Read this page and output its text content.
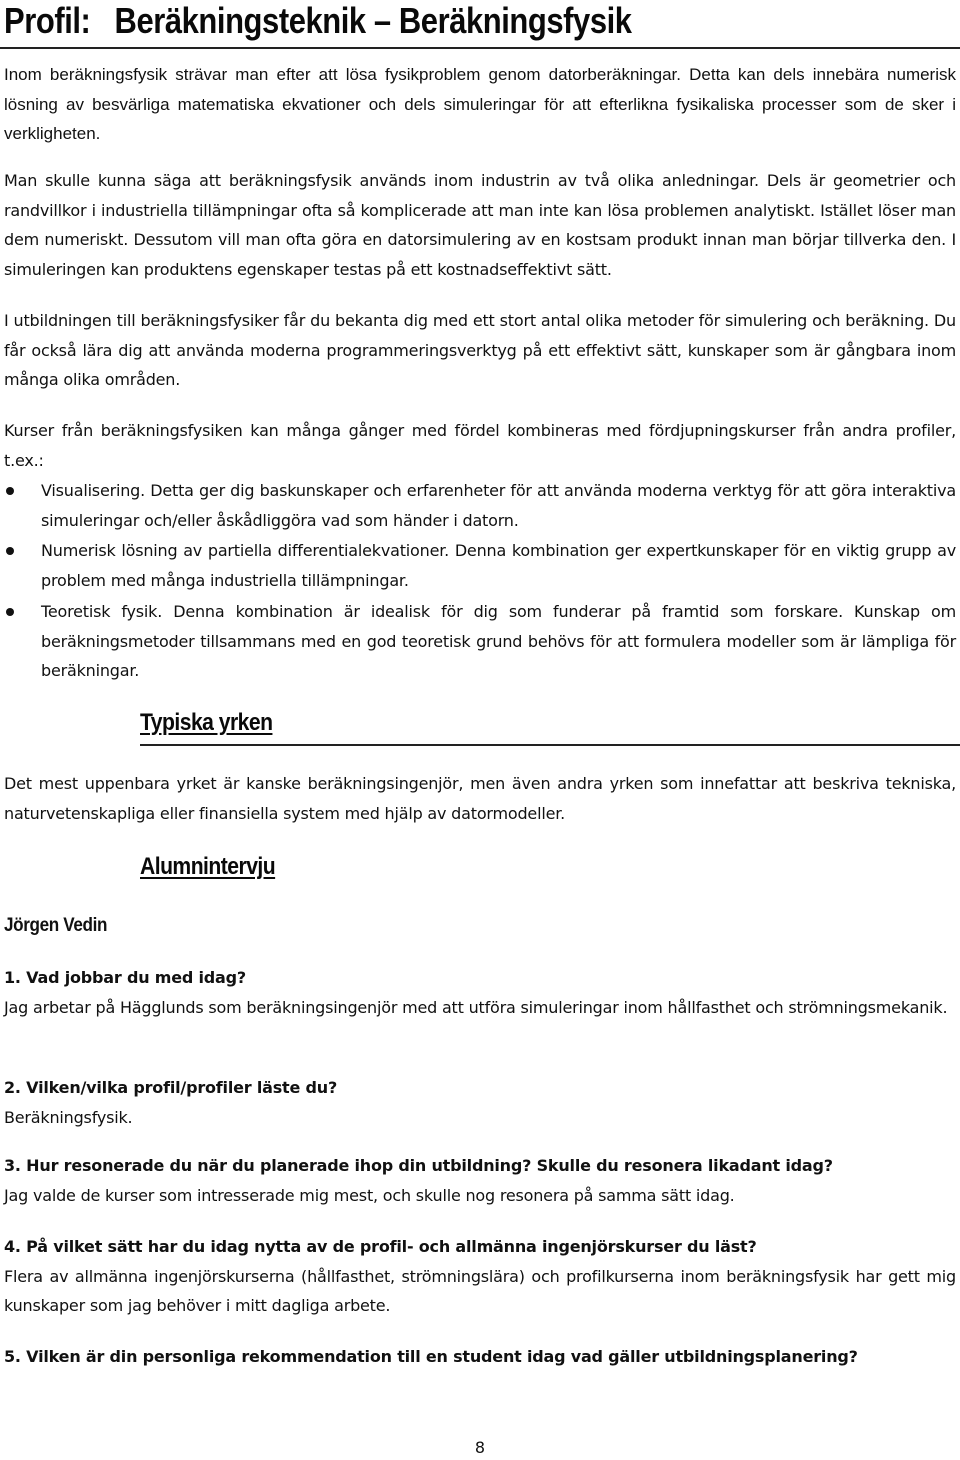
Profil: Beräkningsteknik – Beräkningsfysik

Inom beräkningsfysik strävar man efter att lösa fysikproblem genom datorberäkningar. Detta kan dels innebära numerisk lösning av besvärliga matematiska ekvationer och dels simuleringar för att efterlikna fysikaliska processer som de sker i verkligheten.

Man skulle kunna säga att beräkningsfysik används inom industrin av två olika anledningar. Dels är geometrier och randvillkor i industriella tillämpningar ofta så komplicerade att man inte kan lösa problemen analytiskt. Istället löser man dem numeriskt. Dessutom vill man ofta göra en datorsimulering av en kostsam produkt innan man börjar tillverka den. I simuleringen kan produktens egenskaper testas på ett kostnadseffektivt sätt.

I utbildningen till beräkningsfysiker får du bekanta dig med ett stort antal olika metoder för simulering och beräkning. Du får också lära dig att använda moderna programmeringsverktyg på ett effektivt sätt, kunskaper som är gångbara inom många olika områden.

Kurser från beräkningsfysiken kan många gånger med fördel kombineras med fördjupningskurser från andra profiler, t.ex.:

Visualisering. Detta ger dig baskunskaper och erfarenheter för att använda moderna verktyg för att göra interaktiva simuleringar och/eller åskådliggöra vad som händer i datorn.
Numerisk lösning av partiella differentialekvationer. Denna kombination ger expertkunskaper för en viktig grupp av problem med många industriella tillämpningar.
Teoretisk fysik. Denna kombination är idealisk för dig som funderar på framtid som forskare. Kunskap om beräkningsmetoder tillsammans med en god teoretisk grund behövs för att formulera modeller som är lämpliga för beräkningar.
Typiska yrken

Det mest uppenbara yrket är kanske beräkningsingenjör, men även andra yrken som innefattar att beskriva tekniska, naturvetenskapliga eller finansiella system med hjälp av datormodeller.

Alumnintervju

Jörgen Vedin

1. Vad jobbar du med idag?
Jag arbetar på Hägglunds som beräkningsingenjör med att utföra simuleringar inom hållfasthet och strömningsmekanik.
2. Vilken/vilka profil/profiler läste du?
Beräkningsfysik.
3. Hur resonerade du när du planerade ihop din utbildning? Skulle du resonera likadant idag?
Jag valde de kurser som intresserade mig mest, och skulle nog resonera på samma sätt idag.
4. På vilket sätt har du idag nytta av de profil- och allmänna ingenjörskurser du läst?
Flera av allmänna ingenjörskurserna (hållfasthet, strömningslära) och profilkurserna inom beräkningsfysik har gett mig kunskaper som jag behöver i mitt dagliga arbete.
5. Vilken är din personliga rekommendation till en student idag vad gäller utbildningsplanering?
8
